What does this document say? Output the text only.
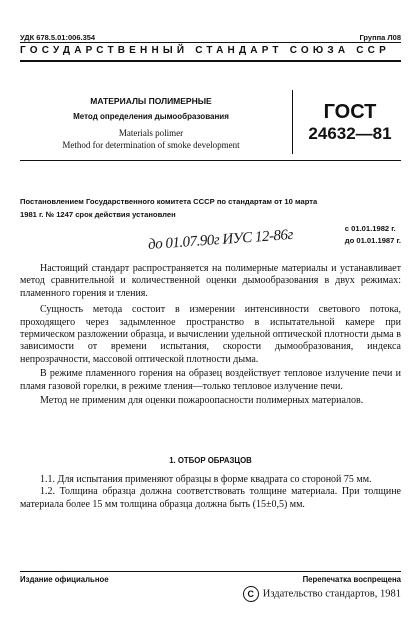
УДК 678.5.01:006.354	Группа Л08
ГОСУДАРСТВЕННЫЙ СТАНДАРТ СОЮЗА ССР
МАТЕРИАЛЫ ПОЛИМЕРНЫЕ
Метод определения дымообразования
Materials polimer
Method for determination of smoke development
ГОСТ
24632—81
Постановлением Государственного комитета СССР по стандартам от 10 марта
1981 г. № 1247 срок действия установлен
с 01.01.1982 г.
до 01.01.1987 г.
до 01.07.90г ИУС 12-86г

Настоящий стандарт распространяется на полимерные материалы и устанавливает метод сравнительной и количественной оценки дымообразования в двух режимах: пламенного горения и тления.

Сущность метода состоит в измерении интенсивности светового потока, проходящего через задымленное пространство в испытательной камере при термическом разложении образца, и вычислении удельной оптической плотности дыма в зависимости от времени испытания, скорости дымообразования, индекса непрозрачности, массовой оптической плотности дыма.

В режиме пламенного горения на образец воздействует тепловое излучение печи и пламя газовой горелки, в режиме тления—только тепловое излучение печи.

Метод не применим для оценки пожароопасности полимерных материалов.

1. ОТБОР ОБРАЗЦОВ

1.1. Для испытания применяют образцы в форме квадрата со стороной 75 мм.

1.2. Толщина образца должна соответствовать толщине материала. При толщине материала более 15 мм толщина образца должна быть (15±0,5) мм.

Издание официальное	Перепечатка воспрещена
С Издательство стандартов, 1981
